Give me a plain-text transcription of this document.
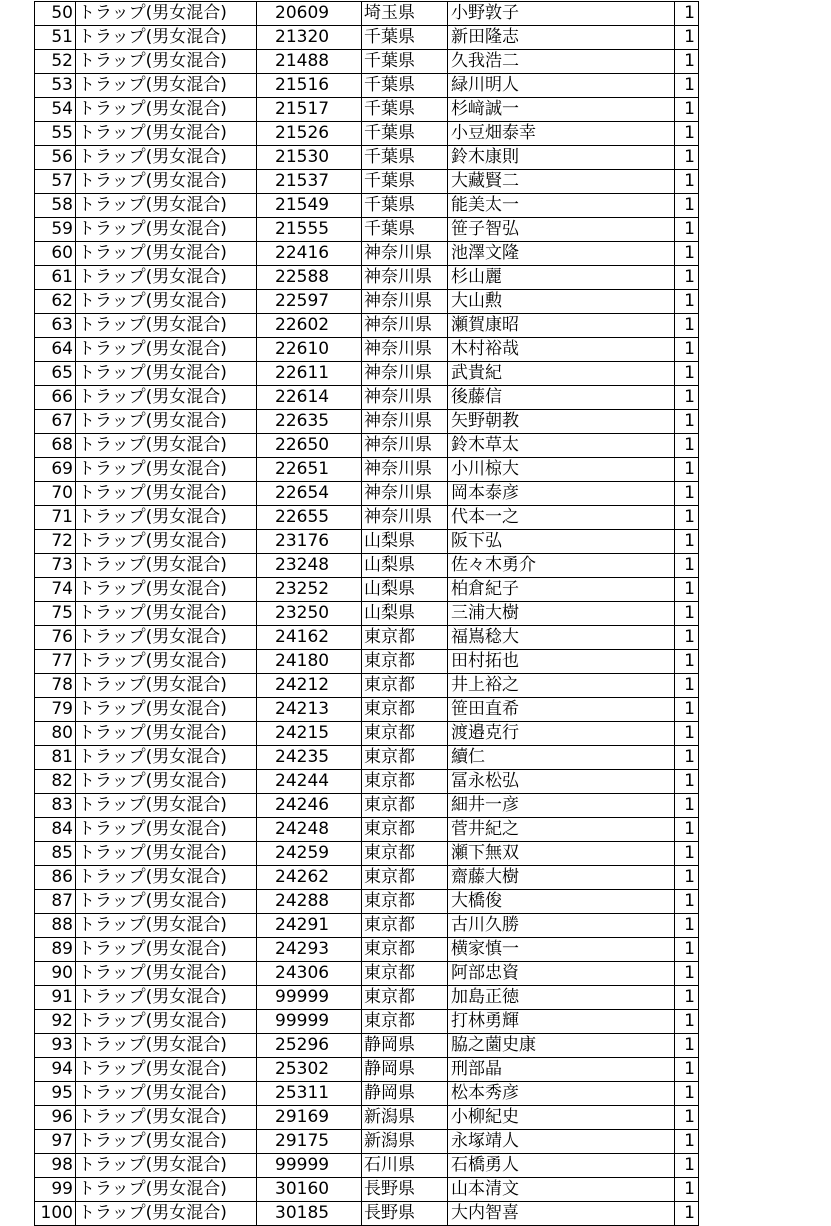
50	トラップ(男女混合)	20609	埼玉県	小野敦子	1
51	トラップ(男女混合)	21320	千葉県	新田隆志	1
52	トラップ(男女混合)	21488	千葉県	久我浩二	1
53	トラップ(男女混合)	21516	千葉県	緑川明人	1
54	トラップ(男女混合)	21517	千葉県	杉﨑誠一	1
55	トラップ(男女混合)	21526	千葉県	小豆畑泰幸	1
56	トラップ(男女混合)	21530	千葉県	鈴木康則	1
57	トラップ(男女混合)	21537	千葉県	大藏賢二	1
58	トラップ(男女混合)	21549	千葉県	能美太一	1
59	トラップ(男女混合)	21555	千葉県	笹子智弘	1
60	トラップ(男女混合)	22416	神奈川県	池澤文隆	1
61	トラップ(男女混合)	22588	神奈川県	杉山麗	1
62	トラップ(男女混合)	22597	神奈川県	大山勲	1
63	トラップ(男女混合)	22602	神奈川県	瀬賀康昭	1
64	トラップ(男女混合)	22610	神奈川県	木村裕哉	1
65	トラップ(男女混合)	22611	神奈川県	武貴紀	1
66	トラップ(男女混合)	22614	神奈川県	後藤信	1
67	トラップ(男女混合)	22635	神奈川県	矢野朝教	1
68	トラップ(男女混合)	22650	神奈川県	鈴木草太	1
69	トラップ(男女混合)	22651	神奈川県	小川椋大	1
70	トラップ(男女混合)	22654	神奈川県	岡本泰彦	1
71	トラップ(男女混合)	22655	神奈川県	代本一之	1
72	トラップ(男女混合)	23176	山梨県	阪下弘	1
73	トラップ(男女混合)	23248	山梨県	佐々木勇介	1
74	トラップ(男女混合)	23252	山梨県	柏倉紀子	1
75	トラップ(男女混合)	23250	山梨県	三浦大樹	1
76	トラップ(男女混合)	24162	東京都	福嶌稔大	1
77	トラップ(男女混合)	24180	東京都	田村拓也	1
78	トラップ(男女混合)	24212	東京都	井上裕之	1
79	トラップ(男女混合)	24213	東京都	笹田直希	1
80	トラップ(男女混合)	24215	東京都	渡邉克行	1
81	トラップ(男女混合)	24235	東京都	續仁	1
82	トラップ(男女混合)	24244	東京都	冨永松弘	1
83	トラップ(男女混合)	24246	東京都	細井一彦	1
84	トラップ(男女混合)	24248	東京都	菅井紀之	1
85	トラップ(男女混合)	24259	東京都	瀬下無双	1
86	トラップ(男女混合)	24262	東京都	齋藤大樹	1
87	トラップ(男女混合)	24288	東京都	大橋俊	1
88	トラップ(男女混合)	24291	東京都	古川久勝	1
89	トラップ(男女混合)	24293	東京都	横家慎一	1
90	トラップ(男女混合)	24306	東京都	阿部忠資	1
91	トラップ(男女混合)	99999	東京都	加島正徳	1
92	トラップ(男女混合)	99999	東京都	打林勇輝	1
93	トラップ(男女混合)	25296	静岡県	脇之薗史康	1
94	トラップ(男女混合)	25302	静岡県	刑部晶	1
95	トラップ(男女混合)	25311	静岡県	松本秀彦	1
96	トラップ(男女混合)	29169	新潟県	小柳紀史	1
97	トラップ(男女混合)	29175	新潟県	永塚靖人	1
98	トラップ(男女混合)	99999	石川県	石橋勇人	1
99	トラップ(男女混合)	30160	長野県	山本清文	1
100	トラップ(男女混合)	30185	長野県	大内智喜	1
